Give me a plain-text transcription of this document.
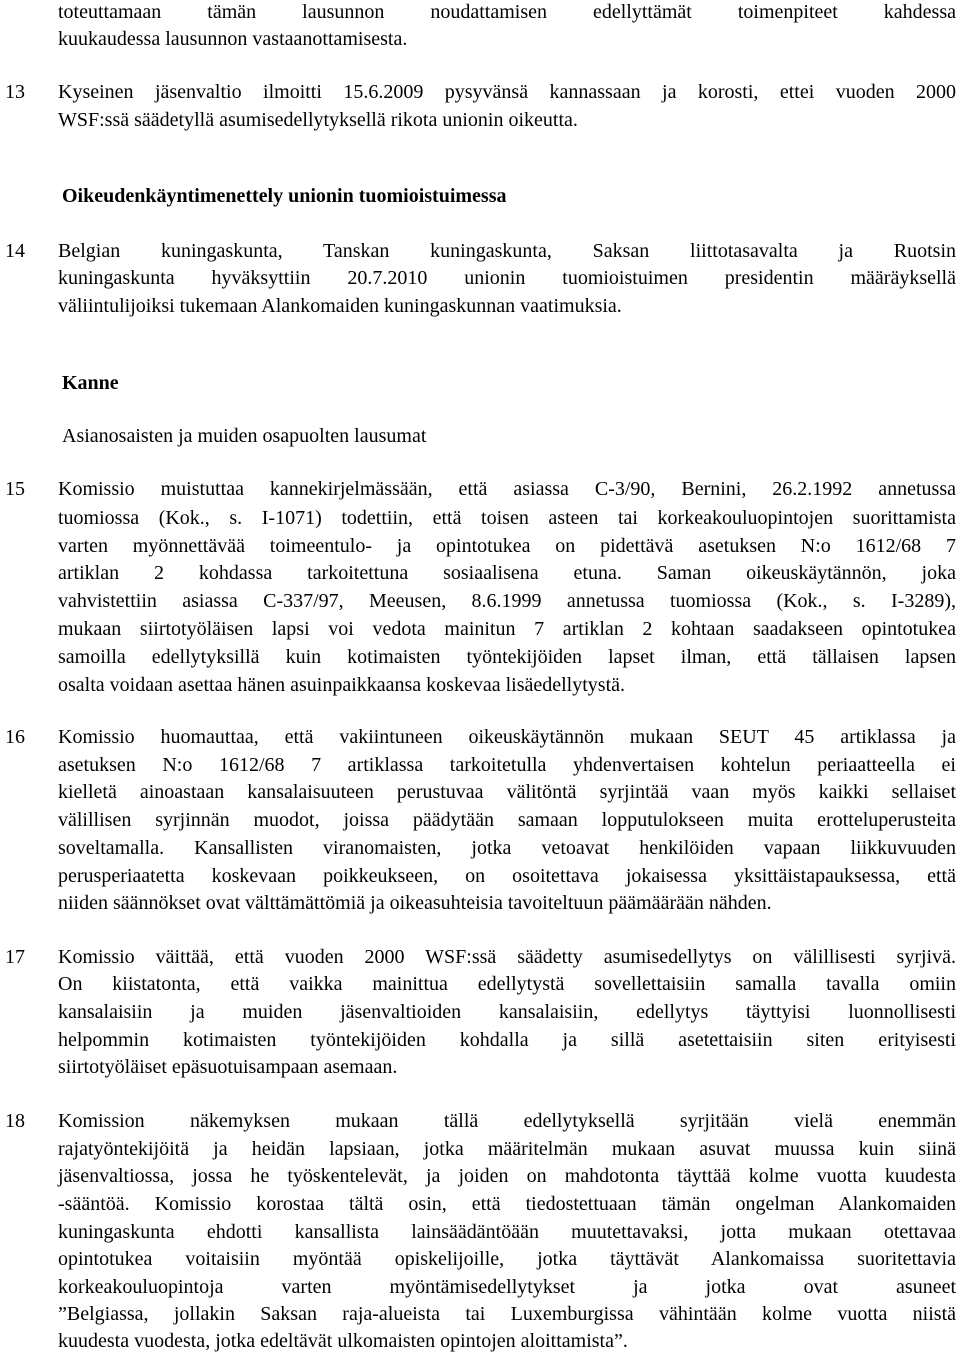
toteuttamaan tämän lausunnon noudattamisen edellyttämät toimenpiteet kahdessa
kuukaudessa lausunnon vastaanottamisesta.
13 Kyseinen jäsenvaltio ilmoitti 15.6.2009 pysyvänsä kannassaan ja korosti, ettei vuoden 2000
WSF:ssä säädetyllä asumisedellytyksellä rikota unionin oikeutta.
Oikeudenkäyntimenettely unionin tuomioistuimessa
14 Belgian kuningaskunta, Tanskan kuningaskunta, Saksan liittotasavalta ja Ruotsin
kuningaskunta hyväksyttiin 20.7.2010 unionin tuomioistuimen presidentin määräyksellä
väliintulijoiksi tukemaan Alankomaiden kuningaskunnan vaatimuksia.
Kanne
Asianosaisten ja muiden osapuolten lausumat
15 Komissio muistuttaa kannekirjelmässään, että asiassa C-3/90, Bernini, 26.2.1992 annetussa
tuomiossa (Kok., s. I-1071) todettiin, että toisen asteen tai korkeakouluopintojen suorittamista
varten myönnettävää toimeentulo- ja opintotukea on pidettävä asetuksen N:o 1612/68 7
artiklan 2 kohdassa tarkoitettuna sosiaalisena etuna. Saman oikeuskäytännön, joka
vahvistettiin asiassa C-337/97, Meeusen, 8.6.1999 annetussa tuomiossa (Kok., s. I-3289),
mukaan siirtotyöläisen lapsi voi vedota mainitun 7 artiklan 2 kohtaan saadakseen opintotukea
samoilla edellytyksillä kuin kotimaisten työntekijöiden lapset ilman, että tällaisen lapsen
osalta voidaan asettaa hänen asuinpaikkaansa koskevaa lisäedellytystä.
16 Komissio huomauttaa, että vakiintuneen oikeuskäytännön mukaan SEUT 45 artiklassa ja
asetuksen N:o 1612/68 7 artiklassa tarkoitetulla yhdenvertaisen kohtelun periaatteella ei
kielletä ainoastaan kansalaisuuteen perustuvaa välitöntä syrjintää vaan myös kaikki sellaiset
välillisen syrjinnän muodot, joissa päädytään samaan lopputulokseen muita erotteluperusteita
soveltamalla. Kansallisten viranomaisten, jotka vetoavat henkilöiden vapaan liikkuvuuden
perusperiaatetta koskevaan poikkeukseen, on osoitettava jokaisessa yksittäistapauksessa, että
niiden säännökset ovat välttämättömiä ja oikeasuhteisia tavoiteltuun päämäärään nähden.
17 Komissio väittää, että vuoden 2000 WSF:ssä säädetty asumisedellytys on välillisesti syrjivä.
On kiistatonta, että vaikka mainittua edellytystä sovellettaisiin samalla tavalla omiin
kansalaisiin ja muiden jäsenvaltioiden kansalaisiin, edellytys täyttyisi luonnollisesti
helpommin kotimaisten työntekijöiden kohdalla ja sillä asetettaisiin siten erityisesti
siirtotyöläiset epäsuotuisampaan asemaan.
18 Komission näkemyksen mukaan tällä edellytyksellä syrjitään vielä enemmän
rajatyöntekijöitä ja heidän lapsiaan, jotka määritelmän mukaan asuvat muussa kuin siinä
jäsenvaltiossa, jossa he työskentelevät, ja joiden on mahdotonta täyttää kolme vuotta kuudesta
-sääntöä. Komissio korostaa tältä osin, että tiedostettuaan tämän ongelman Alankomaiden
kuningaskunta ehdotti kansallista lainsäädäntöään muutettavaksi, jotta mukaan otettavaa
opintotukea voitaisiin myöntää opiskelijoille, jotka täyttävät Alankomaissa suoritettavia
korkeakouluopintoja varten myöntämisedellytykset ja jotka ovat asuneet
”Belgiassa, jollakin Saksan raja-alueista tai Luxemburgissa vähintään kolme vuotta niistä
kuudesta vuodesta, jotka edeltävät ulkomaisten opintojen aloittamista”.
